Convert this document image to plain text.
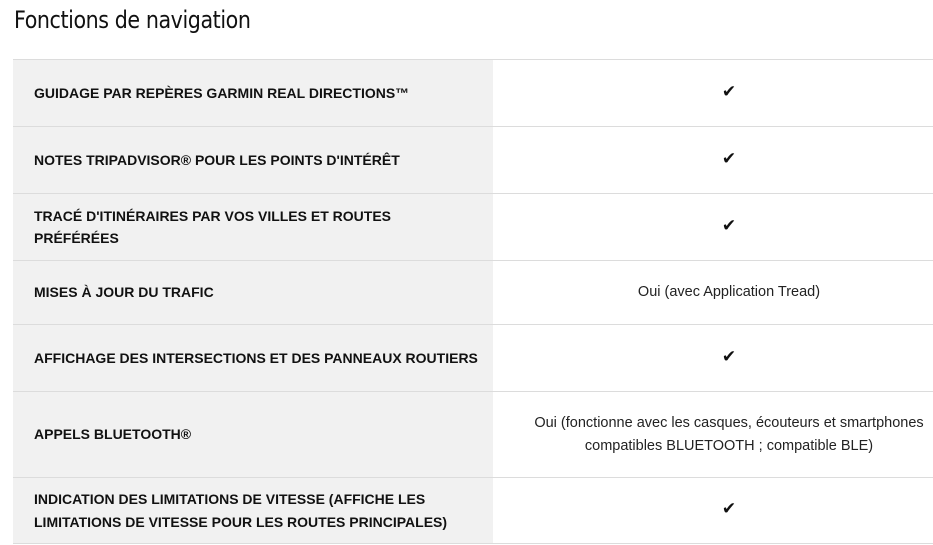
Fonctions de navigation
GUIDAGE PAR REPÈRES GARMIN REAL DIRECTIONS™	✔
NOTES TRIPADVISOR® POUR LES POINTS D'INTÉRÊT	✔
TRACÉ D'ITINÉRAIRES PAR VOS VILLES ET ROUTES PRÉFÉRÉES	✔
MISES À JOUR DU TRAFIC	Oui (avec Application Tread)
AFFICHAGE DES INTERSECTIONS ET DES PANNEAUX ROUTIERS	✔
APPELS BLUETOOTH®	Oui (fonctionne avec les casques, écouteurs et smartphones compatibles BLUETOOTH ; compatible BLE)
INDICATION DES LIMITATIONS DE VITESSE (AFFICHE LES LIMITATIONS DE VITESSE POUR LES ROUTES PRINCIPALES)	✔
